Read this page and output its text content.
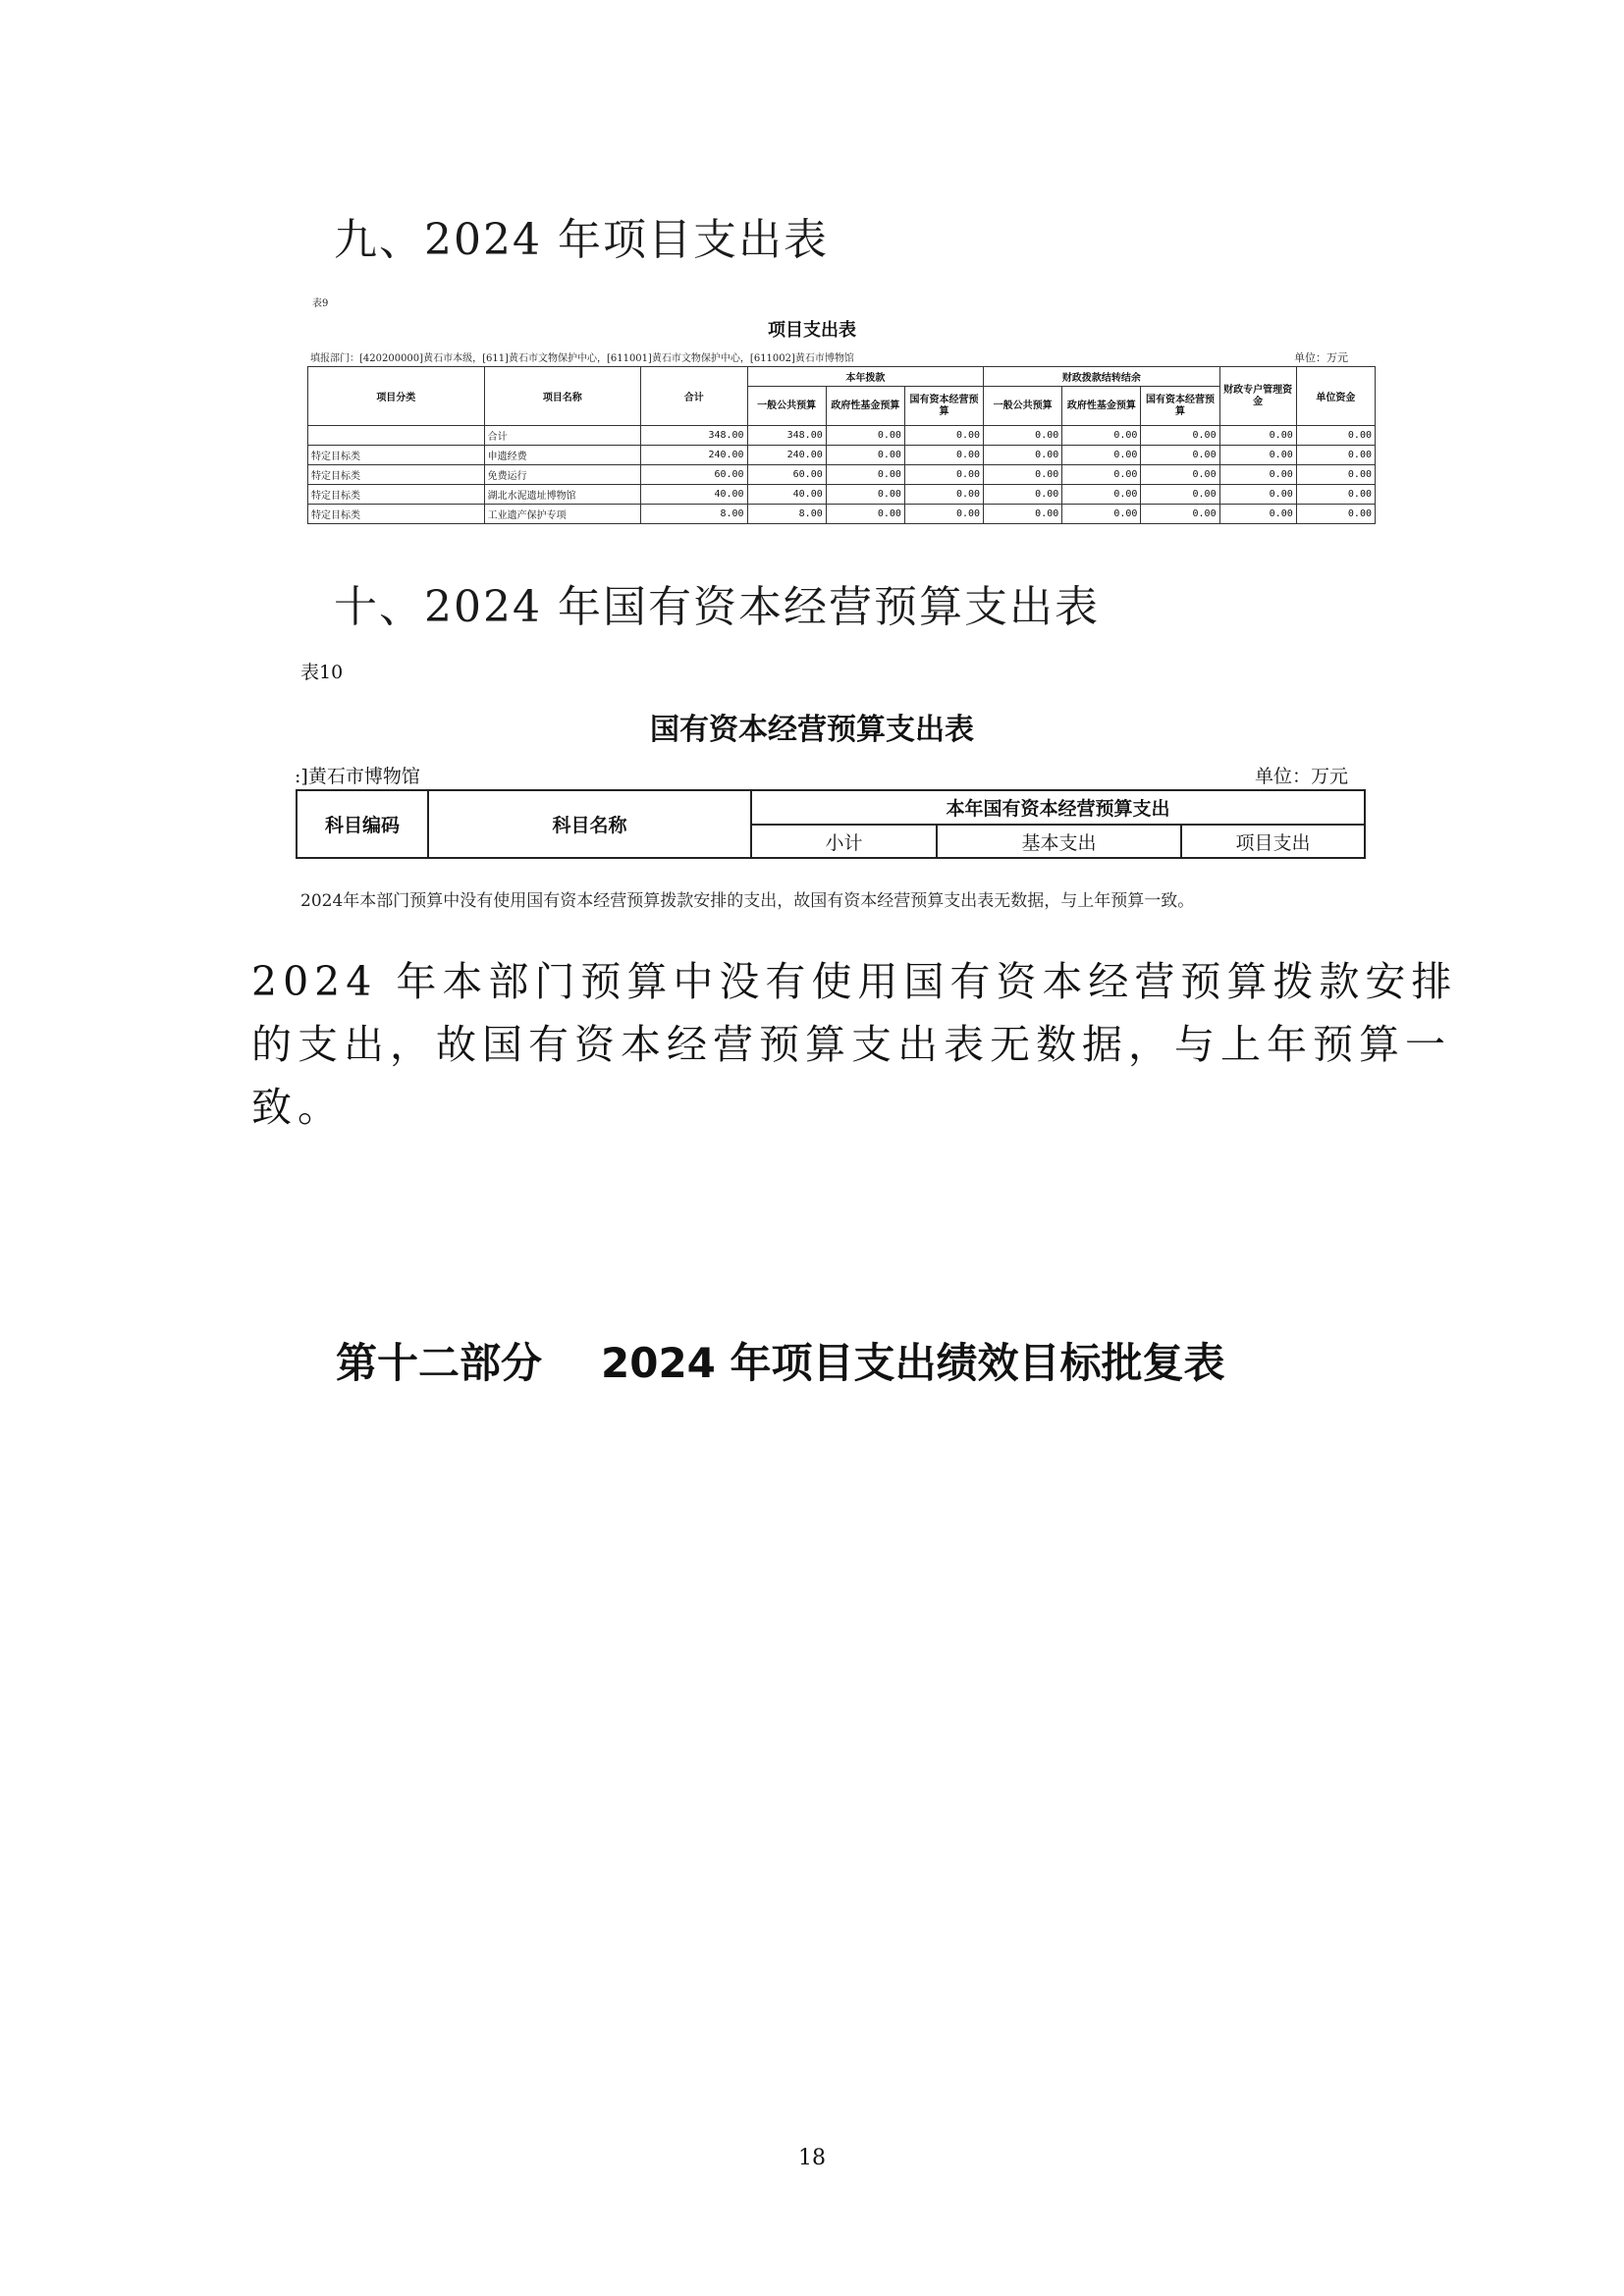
九、2024 年项目支出表
表9
项目支出表
填报部门：[420200000]黄石市本级，[611]黄石市文物保护中心，[611001]黄石市文物保护中心，[611002]黄石市博物馆	单位：万元
项目分类	项目名称	合计	本年拨款			财政拨款结转结余			财政专户管理资金	单位资金
			一般公共预算	政府性基金预算	国有资本经营预算	一般公共预算	政府性基金预算	国有资本经营预算		
	合计	348.00	348.00	0.00	0.00	0.00	0.00	0.00	0.00	0.00
特定目标类	申遗经费	240.00	240.00	0.00	0.00	0.00	0.00	0.00	0.00	0.00
特定目标类	免费运行	60.00	60.00	0.00	0.00	0.00	0.00	0.00	0.00	0.00
特定目标类	湖北水泥遗址博物馆	40.00	40.00	0.00	0.00	0.00	0.00	0.00	0.00	0.00
特定目标类	工业遗产保护专项	8.00	8.00	0.00	0.00	0.00	0.00	0.00	0.00	0.00
十、2024 年国有资本经营预算支出表
表10
国有资本经营预算支出表
:]黄石市博物馆	单位：万元
科目编码	科目名称	本年国有资本经营预算支出		
		小计	基本支出	项目支出
2024年本部门预算中没有使用国有资本经营预算拨款安排的支出，故国有资本经营预算支出表无数据，与上年预算一致。
2024 年本部门预算中没有使用国有资本经营预算拨款安排
的支出，故国有资本经营预算支出表无数据，与上年预算一
致。
第十二部分 2024 年项目支出绩效目标批复表
18
